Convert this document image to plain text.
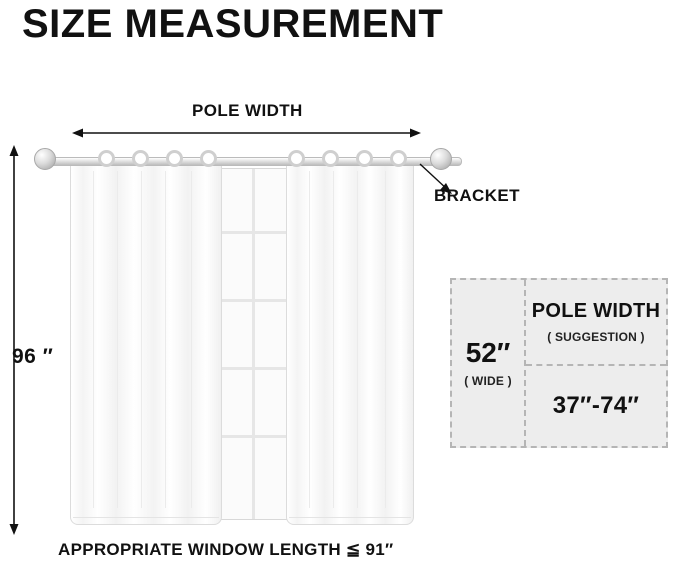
SIZE MEASUREMENT
POLE WIDTH
96 ″
BRACKET
52″
( WIDE )
POLE WIDTH
( SUGGESTION )
37″-74″
APPROPRIATE WINDOW LENGTH ≦ 91″
